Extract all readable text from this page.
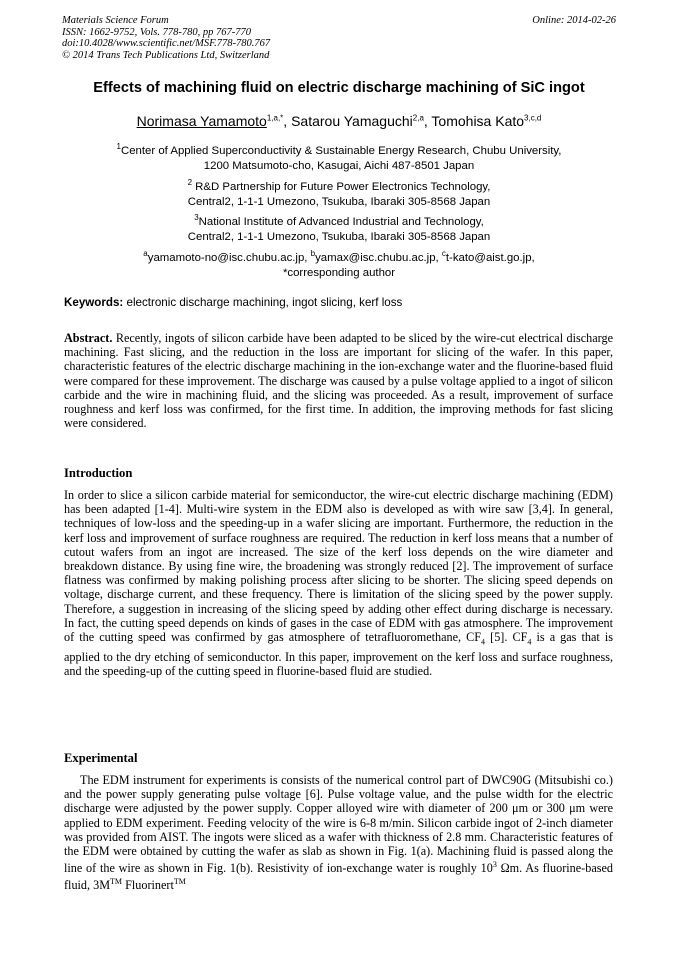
Materials Science Forum
ISSN: 1662-9752, Vols. 778-780, pp 767-770
doi:10.4028/www.scientific.net/MSF.778-780.767
© 2014 Trans Tech Publications Ltd, Switzerland
Online: 2014-02-26
Effects of machining fluid on electric discharge machining of SiC ingot
Norimasa Yamamoto$^{1,a,*}$, Satarou Yamaguchi$^{2,a}$, Tomohisa Kato$^{3,c,d}$
$^1$Center of Applied Superconductivity & Sustainable Energy Research, Chubu University,
1200 Matsumoto-cho, Kasugai, Aichi 487-8501 Japan
$^2$ R&D Partnership for Future Power Electronics Technology,
Central2, 1-1-1 Umezono, Tsukuba, Ibaraki 305-8568 Japan
$^3$National Institute of Advanced Industrial and Technology,
Central2, 1-1-1 Umezono, Tsukuba, Ibaraki 305-8568 Japan
$^a$yamamoto-no@isc.chubu.ac.jp, $^b$yamax@isc.chubu.ac.jp, $^c$t-kato@aist.go.jp,
*corresponding author
Keywords: electronic discharge machining, ingot slicing, kerf loss
Abstract. Recently, ingots of silicon carbide have been adapted to be sliced by the wire-cut electrical discharge machining. Fast slicing, and the reduction in the loss are important for slicing of the wafer. In this paper, characteristic features of the electric discharge machining in the ion-exchange water and the fluorine-based fluid were compared for these improvement. The discharge was caused by a pulse voltage applied to a ingot of silicon carbide and the wire in machining fluid, and the slicing was proceeded. As a result, improvement of surface roughness and kerf loss was confirmed, for the first time. In addition, the improving methods for fast slicing were considered.
Introduction
In order to slice a silicon carbide material for semiconductor, the wire-cut electric discharge machining (EDM) has been adapted [1-4]. Multi-wire system in the EDM also is developed as with wire saw [3,4]. In general, techniques of low-loss and the speeding-up in a wafer slicing are important. Furthermore, the reduction in the kerf loss and improvement of surface roughness are required. The reduction in kerf loss means that a number of cutout wafers from an ingot are increased. The size of the kerf loss depends on the wire diameter and breakdown distance. By using fine wire, the broadening was strongly reduced [2]. The improvement of surface flatness was confirmed by making polishing process after slicing to be shorter. The slicing speed depends on voltage, discharge current, and these frequency. There is limitation of the slicing speed by the power supply. Therefore, a suggestion in increasing of the slicing speed by adding other effect during discharge is necessary. In fact, the cutting speed depends on kinds of gases in the case of EDM with gas atmosphere. The improvement of the cutting speed was confirmed by gas atmosphere of tetrafluoromethane, $CF_4$ [5]. $CF_4$ is a gas that is applied to the dry etching of semiconductor. In this paper, improvement on the kerf loss and surface roughness, and the speeding-up of the cutting speed in fluorine-based fluid are studied.
Experimental
The EDM instrument for experiments is consists of the numerical control part of DWC90G (Mitsubishi co.) and the power supply generating pulse voltage [6]. Pulse voltage value, and the pulse width for the electric discharge were adjusted by the power supply. Copper alloyed wire with diameter of 200 μm or 300 μm were applied to EDM experiment. Feeding velocity of the wire is 6-8 m/min. Silicon carbide ingot of 2-inch diameter was provided from AIST. The ingots were sliced as a wafer with thickness of 2.8 mm. Characteristic features of the EDM were obtained by cutting the wafer as slab as shown in Fig. 1(a). Machining fluid is passed along the line of the wire as shown in Fig. 1(b). Resistivity of ion-exchange water is roughly $10^3$ Ωm. As fluorine-based fluid, 3M™ Fluorinert™
